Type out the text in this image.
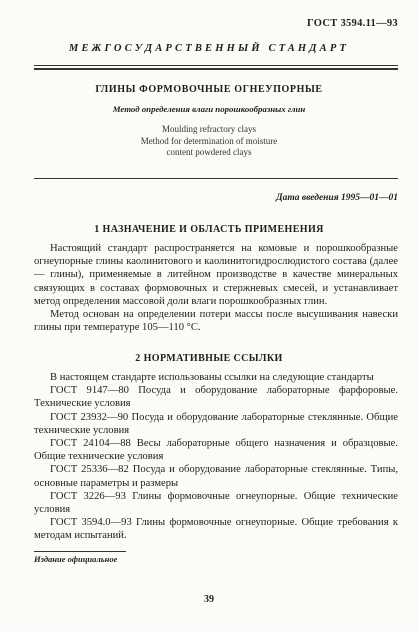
ГОСТ 3594.11—93
МЕЖГОСУДАРСТВЕННЫЙ СТАНДАРТ
ГЛИНЫ ФОРМОВОЧНЫЕ ОГНЕУПОРНЫЕ
Метод определения влаги порошкообразных глин
Moulding refractory clays
Method for determination of moisture
content powdered clays
Дата введения 1995—01—01
1 НАЗНАЧЕНИЕ И ОБЛАСТЬ ПРИМЕНЕНИЯ

Настоящий стандарт распространяется на комовые и порошкообразные огнеупорные глины каолинитового и каолинитогидрослюдистого состава (далее — глины), применяемые в литейном производстве в качестве минеральных связующих в составах формовочных и стержневых смесей, и устанавливает метод определения массовой доли влаги порошкообразных глин.

Метод основан на определении потери массы после высушивания навески глины при температуре 105—110 °С.

2 НОРМАТИВНЫЕ ССЫЛКИ

В настоящем стандарте использованы ссылки на следующие стандарты

ГОСТ 9147—80 Посуда и оборудование лабораторные фарфоровые. Технические условия

ГОСТ 23932—90 Посуда и оборудование лабораторные стеклянные. Общие технические условия

ГОСТ 24104—88 Весы лабораторные общего назначения и образцовые. Общие технические условия

ГОСТ 25336—82 Посуда и оборудование лабораторные стеклянные. Типы, основные параметры и размеры

ГОСТ 3226—93 Глины формовочные огнеупорные. Общие технические условия

ГОСТ 3594.0—93 Глины формовочные огнеупорные. Общие требования к методам испытаний.

Издание официальное
39
